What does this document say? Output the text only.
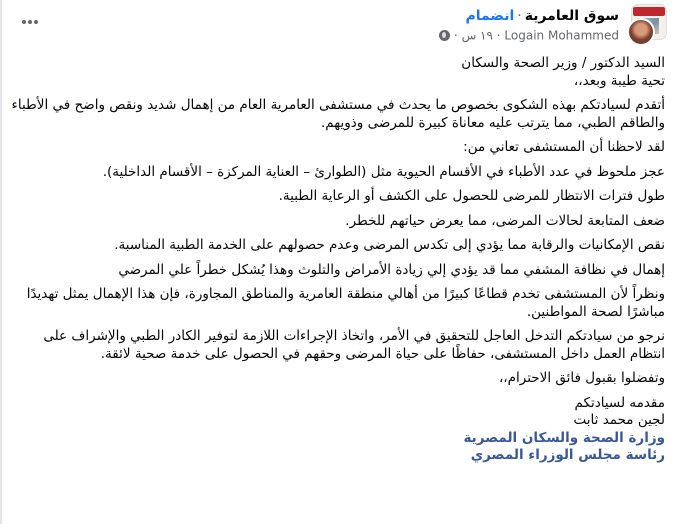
سوق العامرية·انضمام
Logain Mohammed · ١٩ س ·
السيد الدكتور / وزير الصحة والسكان
تحية طيبة وبعد،،
أتقدم لسيادتكم بهذه الشكوى بخصوص ما يحدث في مستشفى العامرية العام من إهمال شديد ونقص واضح في الأطباء والطاقم الطبي، مما يترتب عليه معاناة كبيرة للمرضى وذويهم.
لقد لاحظنا أن المستشفى تعاني من:
عجز ملحوظ في عدد الأطباء في الأقسام الحيوية مثل (الطوارئ – العناية المركزة – الأقسام الداخلية).
طول فترات الانتظار للمرضى للحصول على الكشف أو الرعاية الطبية.
ضعف المتابعة لحالات المرضى، مما يعرض حياتهم للخطر.
نقص الإمكانيات والرقابة مما يؤدي إلى تكدس المرضى وعدم حصولهم على الخدمة الطبية المناسبة.
إهمال في نظافة المشفي مما قد يؤدي إلي زيادة الأمراض والتلوث وهذا يُشكل خطراً علي المرضي
ونظراً لأن المستشفى تخدم قطاعًا كبيرًا من أهالي منطقة العامرية والمناطق المجاورة، فإن هذا الإهمال يمثل تهديدًا مباشرًا لصحة المواطنين.
نرجو من سيادتكم التدخل العاجل للتحقيق في الأمر، واتخاذ الإجراءات اللازمة لتوفير الكادر الطبي والإشراف على انتظام العمل داخل المستشفى، حفاظًا على حياة المرضى وحقهم في الحصول على خدمة صحية لائقة.
وتفضلوا بقبول فائق الاحترام،،
مقدمه لسيادتكم
لجين محمد ثابت
وزارة الصحة والسكان المصرية
رئاسة مجلس الوزراء المصري
